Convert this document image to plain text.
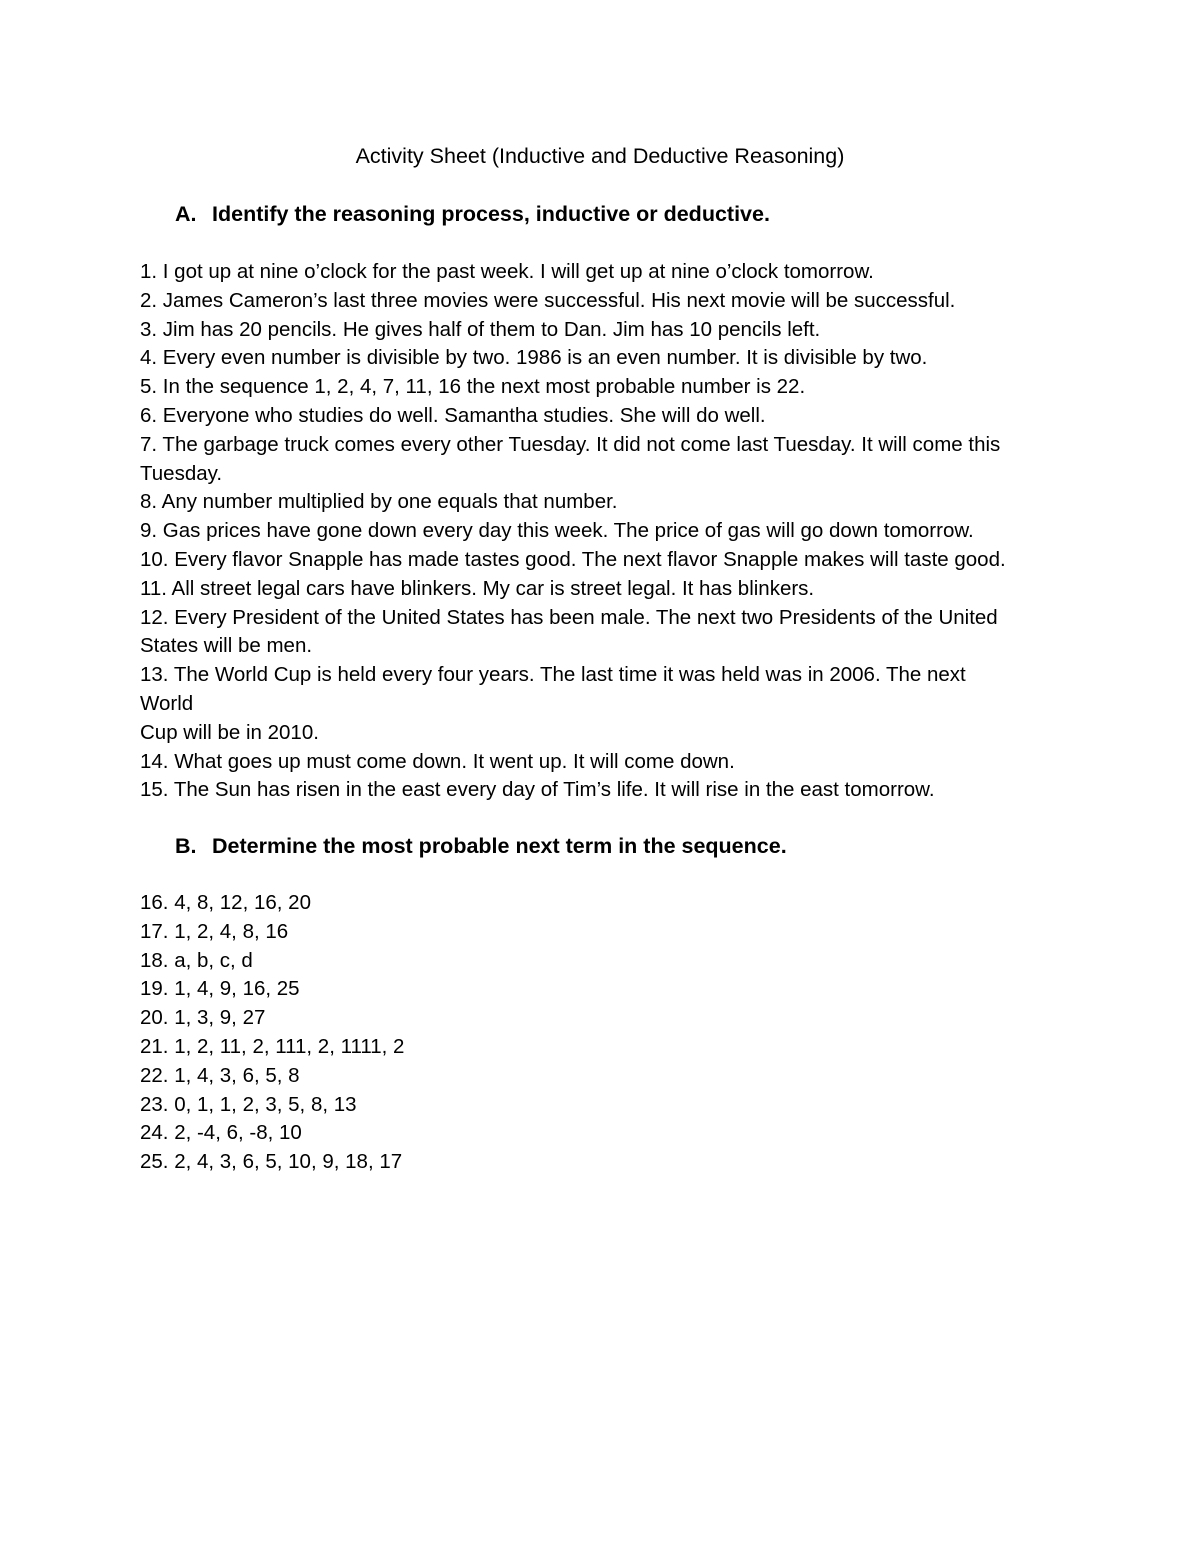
Activity Sheet (Inductive and Deductive Reasoning)
A. Identify the reasoning process, inductive or deductive.
1. I got up at nine o’clock for the past week. I will get up at nine o’clock tomorrow.
2. James Cameron’s last three movies were successful. His next movie will be successful.
3. Jim has 20 pencils. He gives half of them to Dan. Jim has 10 pencils left.
4. Every even number is divisible by two. 1986 is an even number. It is divisible by two.
5. In the sequence 1, 2, 4, 7, 11, 16 the next most probable number is 22.
6. Everyone who studies do well. Samantha studies. She will do well.
7. The garbage truck comes every other Tuesday. It did not come last Tuesday. It will come this
Tuesday.
8. Any number multiplied by one equals that number.
9. Gas prices have gone down every day this week. The price of gas will go down tomorrow.
10. Every flavor Snapple has made tastes good. The next flavor Snapple makes will taste good.
11. All street legal cars have blinkers. My car is street legal. It has blinkers.
12. Every President of the United States has been male. The next two Presidents of the United
States will be men.
13. The World Cup is held every four years. The last time it was held was in 2006. The next
World
Cup will be in 2010.
14. What goes up must come down. It went up. It will come down.
15. The Sun has risen in the east every day of Tim’s life. It will rise in the east tomorrow.
B. Determine the most probable next term in the sequence.
16. 4, 8, 12, 16, 20
17. 1, 2, 4, 8, 16
18. a, b, c, d
19. 1, 4, 9, 16, 25
20. 1, 3, 9, 27
21. 1, 2, 11, 2, 111, 2, 1111, 2
22. 1, 4, 3, 6, 5, 8
23. 0, 1, 1, 2, 3, 5, 8, 13
24. 2, -4, 6, -8, 10
25. 2, 4, 3, 6, 5, 10, 9, 18, 17
